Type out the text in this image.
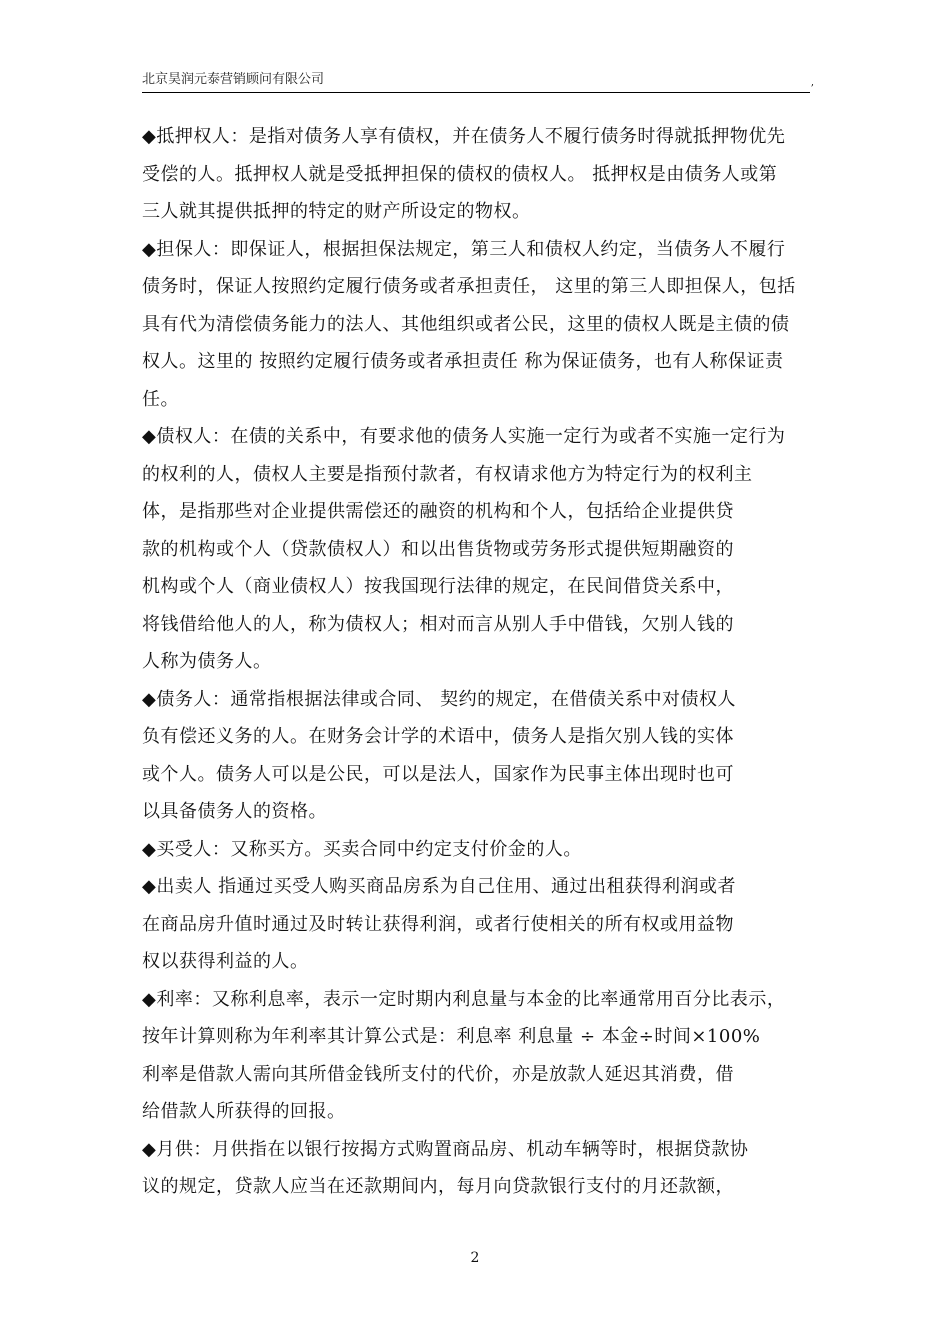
北京昊润元泰营销顾问有限公司	,
◆抵押权人：是指对债务人享有债权，并在债务人不履行债务时得就抵押物优先
受偿的人。抵押权人就是受抵押担保的债权的债权人。 抵押权是由债务人或第
三人就其提供抵押的特定的财产所设定的物权。
◆担保人：即保证人，根据担保法规定，第三人和债权人约定，当债务人不履行
债务时，保证人按照约定履行债务或者承担责任， 这里的第三人即担保人，包括
具有代为清偿债务能力的法人、其他组织或者公民，这里的债权人既是主债的债
权人。这里的 按照约定履行债务或者承担责任 称为保证债务，也有人称保证责
任。
◆债权人：在债的关系中，有要求他的债务人实施一定行为或者不实施一定行为
的权利的人，债权人主要是指预付款者，有权请求他方为特定行为的权利主
体，是指那些对企业提供需偿还的融资的机构和个人，包括给企业提供贷
款的机构或个人（贷款债权人）和以出售货物或劳务形式提供短期融资的
机构或个人（商业债权人）按我国现行法律的规定，在民间借贷关系中，
将钱借给他人的人，称为债权人；相对而言从别人手中借钱，欠别人钱的
人称为债务人。
◆债务人：通常指根据法律或合同、 契约的规定，在借债关系中对债权人
负有偿还义务的人。在财务会计学的术语中，债务人是指欠别人钱的实体
或个人。债务人可以是公民，可以是法人，国家作为民事主体出现时也可
以具备债务人的资格。
◆买受人：又称买方。买卖合同中约定支付价金的人。
◆出卖人 指通过买受人购买商品房系为自己住用、通过出租获得利润或者
在商品房升值时通过及时转让获得利润，或者行使相关的所有权或用益物
权以获得利益的人。
◆利率：又称利息率，表示一定时期内利息量与本金的比率通常用百分比表示，
按年计算则称为年利率其计算公式是：利息率 利息量 ÷ 本金÷时间×100%
利率是借款人需向其所借金钱所支付的代价，亦是放款人延迟其消费，借
给借款人所获得的回报。
◆月供：月供指在以银行按揭方式购置商品房、机动车辆等时，根据贷款协
议的规定，贷款人应当在还款期间内，每月向贷款银行支付的月还款额，
2
